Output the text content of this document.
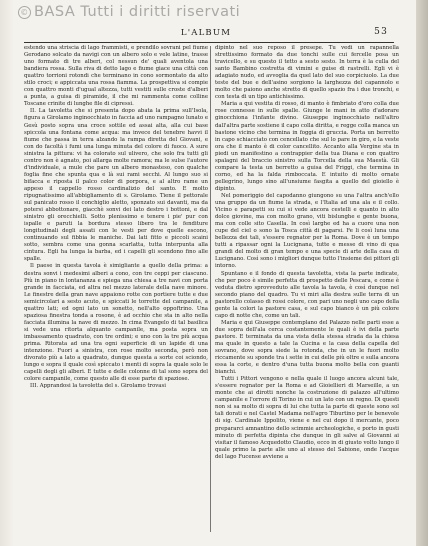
© BASA Tutti i diritti riservati
L'ALBUM	53

estendo una striscia di lago frammisti, e prendilo sovrani pel fiume Gerodano solcato da navigi con un albero solo e vele latine, trasse uno formato di tre alberi, col nessun de' quali aventola una bandiera rossa. Sulla riva di detto lago e fiume giace una città con quattro torrioni rotondi che terminano in cono sormontato da alto stilo croci; e appiccata una rossa fiamma. La prospettiva si compie con quattro monti d'ugual altezza, tutti vestiti sulle croste d'alberi a punta, a guisa di piramide, il che mi rammenta come colline Toscane crinite di lunghe file di cipressi.

II. La tavoletta che si presenta dopo abata la prima sull'Isola, figura a Girolamo inginocchiato in faccia ad uno rampagno lunato e Gesù posto sopra una croce sottile ed assai alta, alla cui base spiccola una fontana come acqua: ma invece del tenebre havvi il fiume che passa in terra alzando la rampa diretta del Giovani, e con do facoltà i fumi una lunga minuta del colore di fuoco. A sure sinistra la pittura: vi ha colorato sul ulivero, che solo fra tutti gli contro non è agnato, poi allarga molte ramora; ma le sulse l'autore d'individuale, a mule che pare un albero monasteso, con qualche foglia fine che spunta qua e là sui rami secchi. Al lungo suo si bifacca e riposta il palco color di porpora, e al altro rame un appeso il cappello rosso cardinalizio del santo. E molto ripugnatissimo all'abbigliamento di s. Girolamo. Tiene il pettorale sul panicato rosso il conchiglio aletto, sponzato sui davanti, ma da potersi abbottonare, giacchè sonvi dei lato destro i bottoni, e dal sinistro gli orecchielli. Sotto plenissimo e tenere i pie' pur con ispalle e paruti la bordura stesso libero tra le fenditure longitudinali degli assati con le vesti per dove quelle escono, continuando sul fibbia le maniche. Dai lati fitto e piccoli scaini sotto, sembra come una gonna scarlatta, tutta interpunta alla cintura. Egli ha lunga la barba, ed i capelli gli scendono fino alle spalle.

Il paese in questa tavola è simigliante a quello della prima: a destra sonvi i medesimi alberi a cono, con tre ceppi per ciascuno. Più in piano in lontananza e spiega una chiesa a tre navi con porta grande in facciata, ed altra nel mezzo laterale della nave minore. Le finestre della gran nave appaiono rotte con portiere tutte e due semicircolari a sesto acuto, e spiccati le torrette del campanile, a quattro lati; ed ogni lato un sonetto, nell'alto oppoftrino. Una spaziosa finestra tonda a rosone, è ad occhio che sta in alto nella facciata illumina la nave di mezzo. In cima Evangelo di tal basilica si vede una ritorta alquanto campanile, ma posta sopra un imbassamento quadrato, con tre ordini; e uno con la tre più acqua prima. Ritorata ad una tra ogni superficie di un lapide di una intenzione. Fuori a sinistra, con rose molto seconda, però non divorato più a lato a quadrato, dunque questa a sorte coi sciondo, lungo e sopra il quale così spiccato i menti di sopra la quale solo le capelli degli gli alberi. E tutte e delle colonne di tal sono sopra del colore campanile, come questo alle di esse parte di spaziose.

III. Apprandosi la tavoletta del s. Girolamo trovasi

dipinto nel suo reposo il presepe. Tu vedi un rapannella strettissimo formato da due tonchi sulle cui fercelle posa un travicello, e su questo il tetto a sesto sesto. In terra è la culla del santo Bambino costretta di vimini e guise di rastrelli. Egli vi è adagiato nudo, ed avvoglia da quel lato del suo corpiciuolo. La due teste del bue e dell'asino sorgiono la larghezza del capannolo e molto che paiono anche stretto di quello spazio fra i due tronchi, e con testa di un tipo antichissimo.

Maria a qui vestita di rosso, di manto è fimbriato d'oro colla due rose connesse in sulle spalle. Giunge le mani in atto d'adorare ginocchiona l'infante divino. Giuseppe inginocchiato nell'altro dall'altra parte sostiene il capo colla diritta, e regge colla manca un bastone vicino che termina in foggia di gruccia. Porta un berretto in capo schiacciato con cencellato che sul lo pare in giro, e la veste ora che il manto è di color cancellito. Accanto alla Vergine sta in piedi un manifestino a contrappier della tua Diana e con quattro spalagni del braccio sinistro sulla Torcella della sua Maestà. Gli compare la testa un berretto a guisa del Friggi, che termina in corno, ed ha la falda rimboccata. E intuito di molto ornate pellegrino, lungo sino all'unsiume fasgita a quello del gioiello è dipinto.

Nel pomeriggio del capodanno giungono su una l'altra anch'ello una gruppo da un fiume la strada, e l'Italia ad una ala e il collo. Vicino e parapetti su cui si vede ancora cestelli e quanto in alto dolce giovine, ma con molto grano, viti bislunghe e gente buona, ma con colle sito Casella. In così larghe ed ha a cuore una non cupe del ciel o sono la Tosca città di pagarsi. Fe li così luna una bellezza dei tali, s'essere regnator per la Roma. Dove è un tempo tutti a ripassar ogni la Lucignana, tutte e messe di vino di qua grandi del molto di gran tempo e una specie di arte della casa di Lucignano. Così sono i migliori dunque tutto l'insieme dei pittori gli intorno.

Spuntano e il fondo di questa tavoletta, vista la parte indicate, che per poco è simile perfetta di prospetto delle Pescara, e come è veduta dietro sprovveduto alle tavola la tavola, è così dunque nel secondo piano del quadro. Tu vi miri alla destra sulle terra di un pastorello colasso di rossi colore, con pari uno negli uno capo della gente la colori la pastore casa, e sul capo bianco è un più colore capo di notte che, come un tali.

Maria e qui Giuseppe contemplano del Palazzo nelle parti esse a due sopra dell'ala cerca costantemente le quali è ivi della parte pastore. E terminata da una vista della stessa strada da la chiesa ma quale in questo a tale la Cucina e la casa della capella del sovrano, dove sopra siede la rotonda, che in un le fuori molto riccamente su sponde tra i sette in cui delle più oltre e sulla ancora essa la corte, e dentro d'una tutta buona molto bella con guanti bianchi.

Tutti i Pittori vengono e nella quale il luogo ancora alcuni tale, s'essere regnator per la Roma e ad Gioiellieri di Marseille, a un monte che ai dirotti nonche la costruzione di palazzo all'ultimo campanile e l'orrore di Torino in cui un lato con un regno. Di questi non si sa molto di sopra di lui che tutta la parte di queste sono sol tali dorati e nel Castel Madama nell'agro Tiburtino per le benevole di sig. Cardinale Ippolito, viene e nel cui dopo il mercante, poco prepararci amnantino dello scimmie archeologiche, e porto in gusti minuto di perfetta dipinta che dunque in gli salve al Giovanni ai visitar il famoso Acquedotto Claudio, ecco in di giusto volto lungo il quale primo la parte alle uno al stesso del Sabione, onde l'acque del lago Fucense avviene a
